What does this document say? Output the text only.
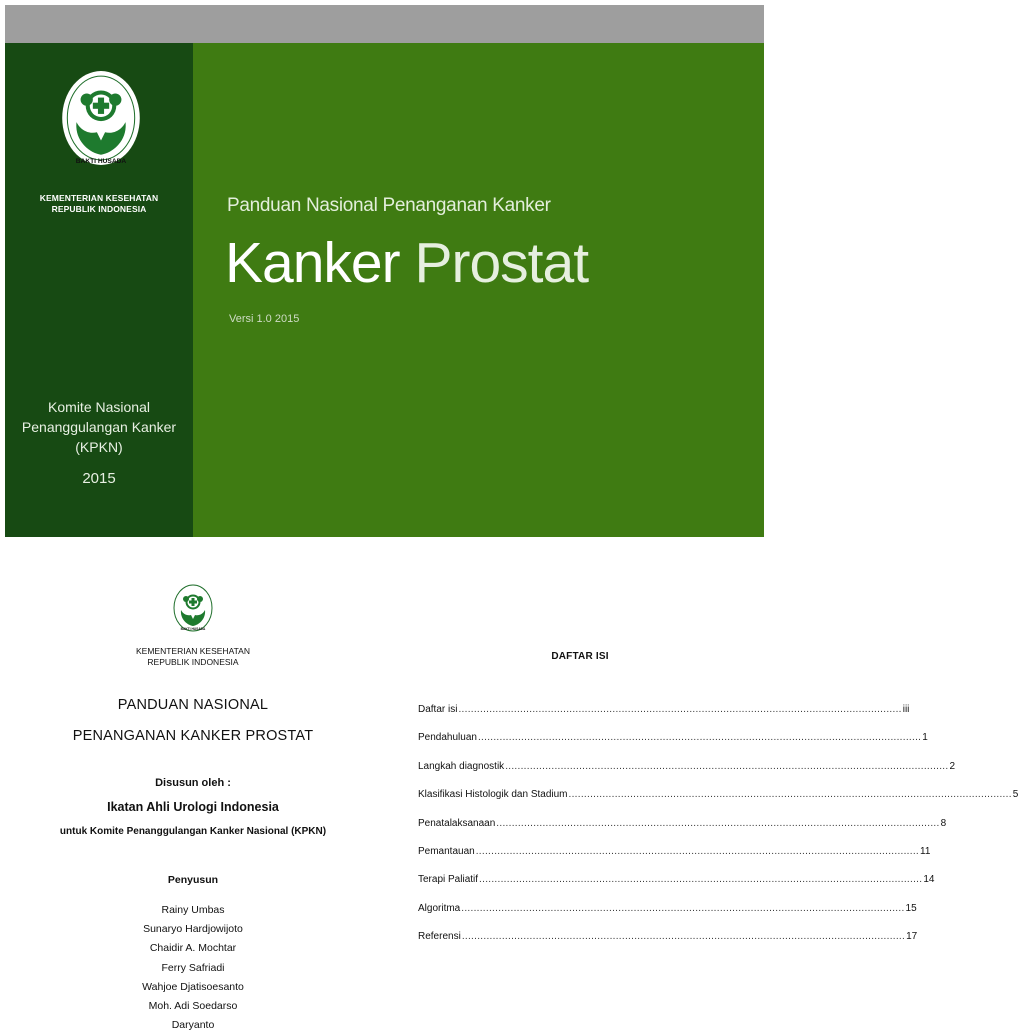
BAKTI HUSADA
KEMENTERIAN KESEHATAN
REPUBLIK INDONESIA
Komite Nasional
Penanggulangan Kanker
(KPKN)
2015
Panduan Nasional Penanganan Kanker
Kanker Prostat
Versi 1.0 2015
BAKTI HUSADA
KEMENTERIAN KESEHATAN
REPUBLIK INDONESIA
PANDUAN NASIONAL
PENANGANAN KANKER PROSTAT
Disusun oleh :
Ikatan Ahli Urologi Indonesia
untuk Komite Penanggulangan Kanker Nasional (KPKN)
Penyusun
Rainy Umbas
Sunaryo Hardjowijoto
Chaidir A. Mochtar
Ferry Safriadi
Wahjoe Djatisoesanto
Moh. Adi Soedarso
Daryanto
DAFTAR ISI
Daftar isi .....	iii
Pendahuluan .....	1
Langkah diagnostik .....	2
Klasifikasi Histologik dan Stadium .....	5
Penatalaksanaan .....	8
Pemantauan .....	11
Terapi Paliatif .....	14
Algoritma .....	15
Referensi .....	17
